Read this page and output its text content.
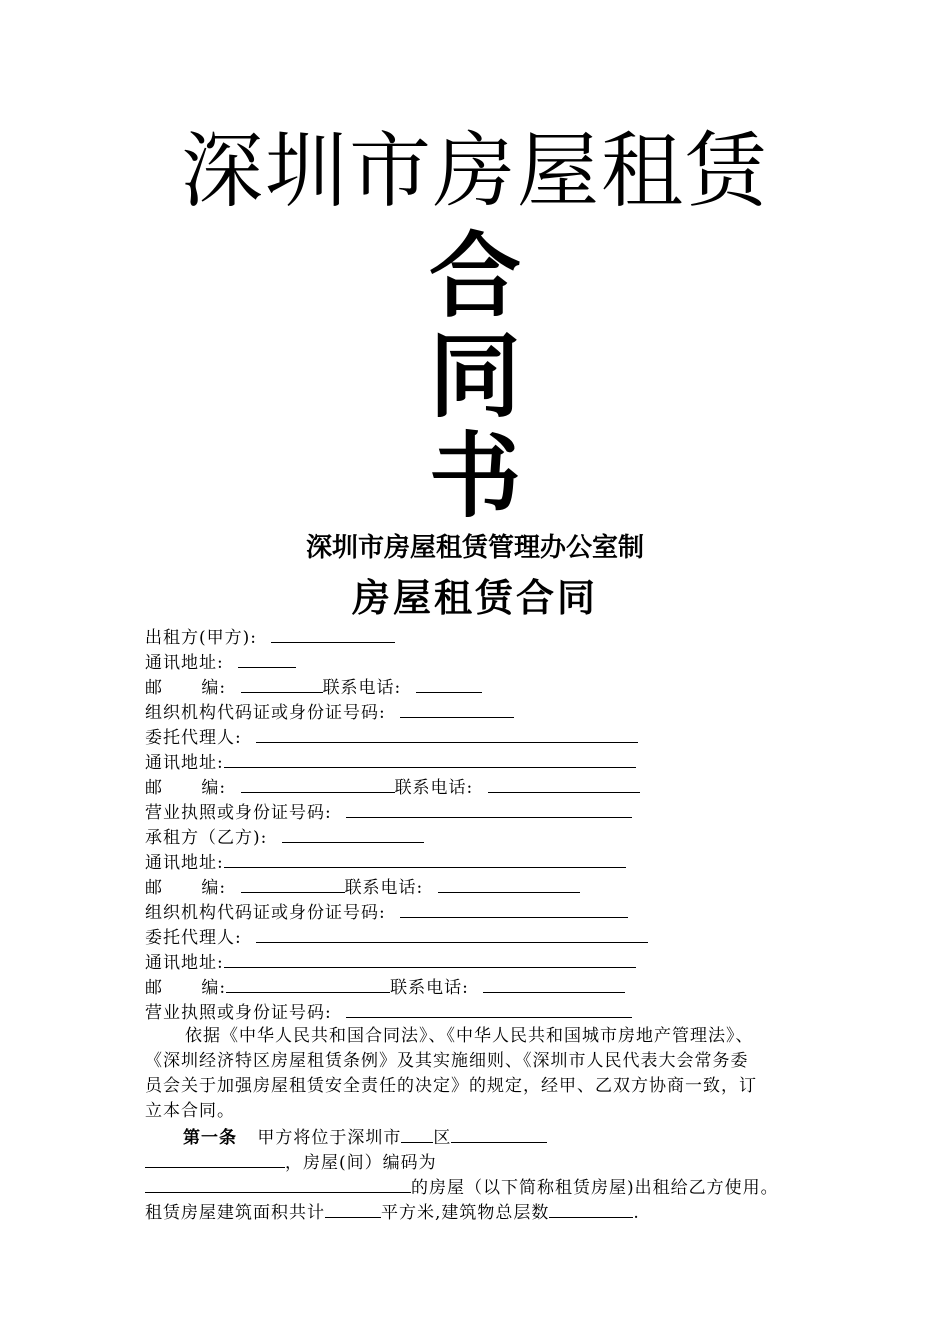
深圳市房屋租赁
合
同
书
深圳市房屋租赁管理办公室制
房屋租赁合同
出租方(甲方):
通讯地址:
邮      编:	联系电话:
组织机构代码证或身份证号码:
委托代理人:
通讯地址:
邮      编:	联系电话:
营业执照或身份证号码:
承租方（乙方):
通讯地址:
邮      编:	联系电话:
组织机构代码证或身份证号码:
委托代理人:
通讯地址:
邮      编:	联系电话:
营业执照或身份证号码:
依据《中华人民共和国合同法》、《中华人民共和国城市房地产管理法》、
《深圳经济特区房屋租赁条例》及其实施细则、《深圳市人民代表大会常务委
员会关于加强房屋租赁安全责任的决定》的规定，经甲、乙双方协商一致，订
立本合同。
第一条 甲方将位于深圳市 区
，房屋(间）编码为
的房屋（以下简称租赁房屋)出租给乙方使用。
租赁房屋建筑面积共计	平方米,建筑物总层数	.
